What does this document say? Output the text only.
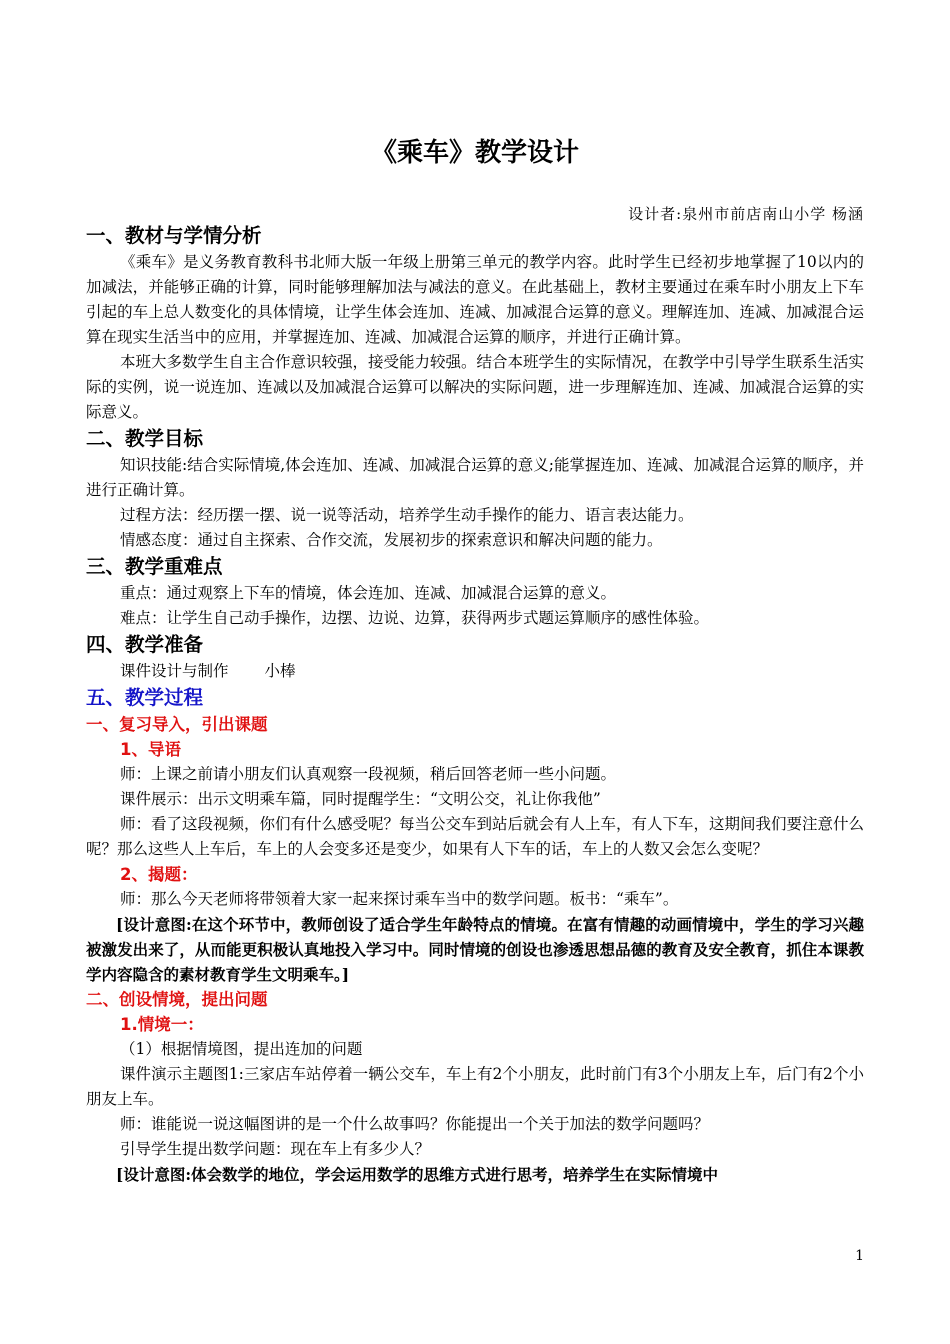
《乘车》教学设计
设计者:泉州市前店南山小学 杨涵
一、教材与学情分析
《乘车》是义务教育教科书北师大版一年级上册第三单元的教学内容。此时学生已经初步地掌握了10以内的加减法，并能够正确的计算，同时能够理解加法与减法的意义。在此基础上，教材主要通过在乘车时小朋友上下车引起的车上总人数变化的具体情境，让学生体会连加、连减、加减混合运算的意义。理解连加、连减、加减混合运算在现实生活当中的应用，并掌握连加、连减、加减混合运算的顺序，并进行正确计算。
本班大多数学生自主合作意识较强，接受能力较强。结合本班学生的实际情况，在教学中引导学生联系生活实际的实例，说一说连加、连减以及加减混合运算可以解决的实际问题，进一步理解连加、连减、加减混合运算的实际意义。
二、教学目标
知识技能:结合实际情境,体会连加、连减、加减混合运算的意义;能掌握连加、连减、加减混合运算的顺序，并进行正确计算。
过程方法：经历摆一摆、说一说等活动，培养学生动手操作的能力、语言表达能力。
情感态度：通过自主探索、合作交流，发展初步的探索意识和解决问题的能力。
三、教学重难点
重点：通过观察上下车的情境，体会连加、连减、加减混合运算的意义。
难点：让学生自己动手操作，边摆、边说、边算，获得两步式题运算顺序的感性体验。
四、教学准备
课件设计与制作 小棒
五、教学过程
一、复习导入，引出课题
1、导语
师：上课之前请小朋友们认真观察一段视频，稍后回答老师一些小问题。
课件展示：出示文明乘车篇，同时提醒学生：“文明公交，礼让你我他”
师：看了这段视频，你们有什么感受呢？每当公交车到站后就会有人上车，有人下车，这期间我们要注意什么呢？那么这些人上车后，车上的人会变多还是变少，如果有人下车的话，车上的人数又会怎么变呢？
2、揭题：
师：那么今天老师将带领着大家一起来探讨乘车当中的数学问题。板书：“乘车”。
[设计意图:在这个环节中，教师创设了适合学生年龄特点的情境。在富有情趣的动画情境中，学生的学习兴趣被激发出来了，从而能更积极认真地投入学习中。同时情境的创设也渗透思想品德的教育及安全教育，抓住本课教学内容隐含的素材教育学生文明乘车。]
二、创设情境，提出问题
1.情境一：
（1）根据情境图，提出连加的问题
课件演示主题图1:三家店车站停着一辆公交车，车上有2个小朋友，此时前门有3个小朋友上车，后门有2个小朋友上车。
师：谁能说一说这幅图讲的是一个什么故事吗？你能提出一个关于加法的数学问题吗？
引导学生提出数学问题：现在车上有多少人？
[设计意图:体会数学的地位，学会运用数学的思维方式进行思考，培养学生在实际情境中
1
